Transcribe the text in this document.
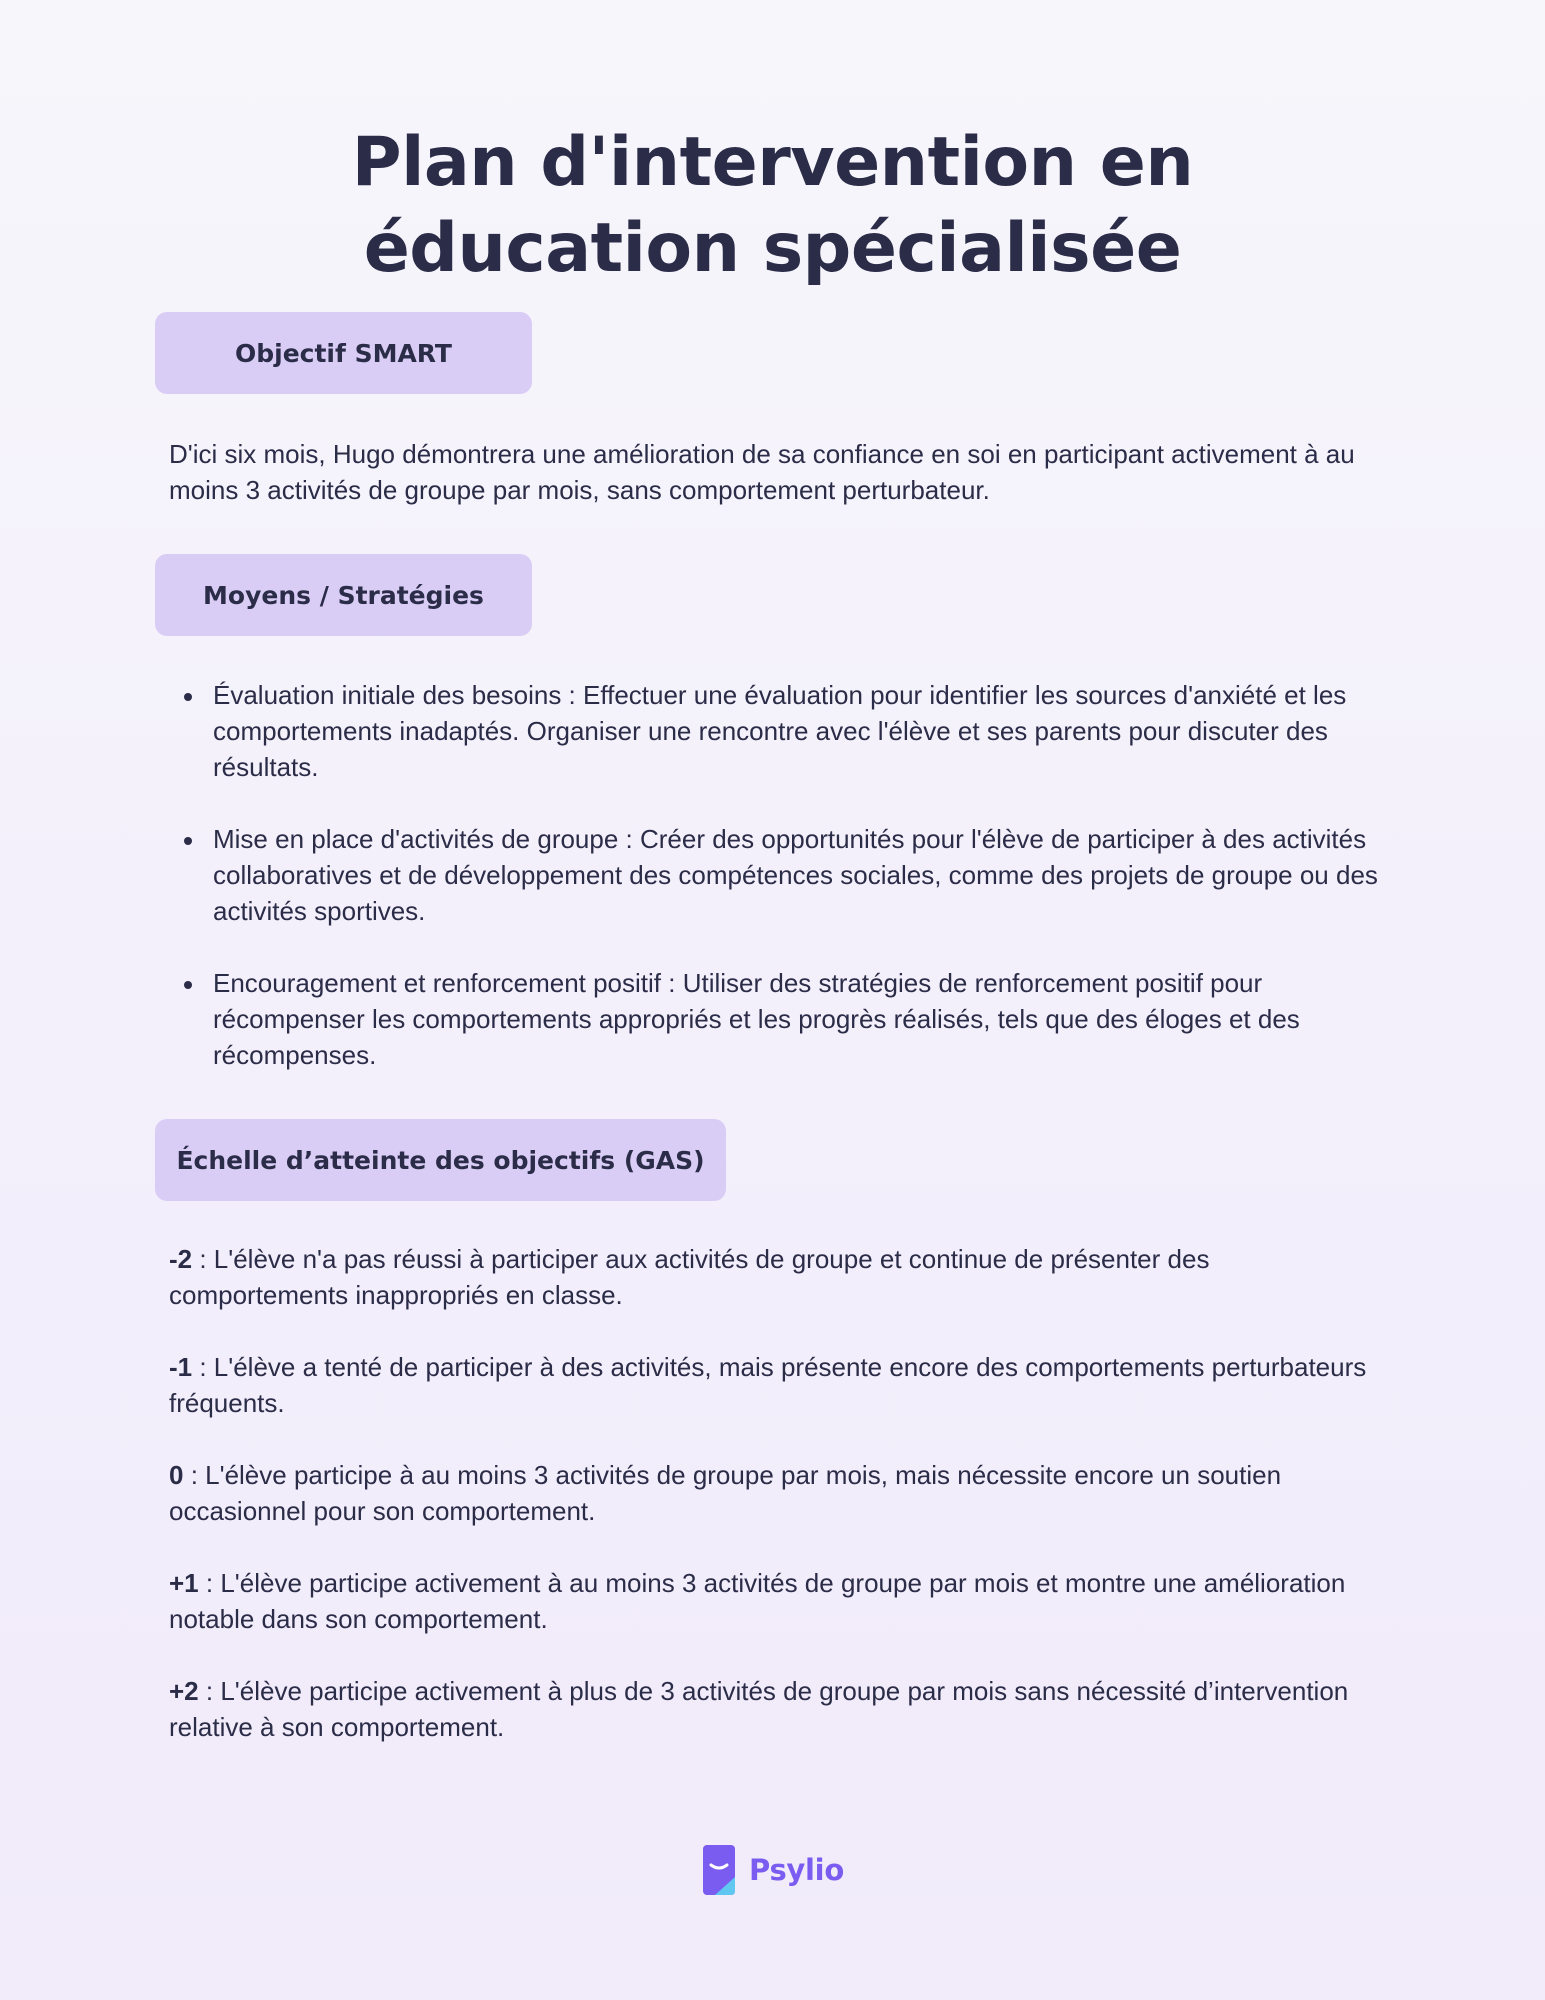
Plan d'intervention en éducation spécialisée
Objectif SMART

D'ici six mois, Hugo démontrera une amélioration de sa confiance en soi en participant activement à au moins 3 activités de groupe par mois, sans comportement perturbateur.

Moyens / Stratégies
Évaluation initiale des besoins : Effectuer une évaluation pour identifier les sources d'anxiété et les comportements inadaptés. Organiser une rencontre avec l'élève et ses parents pour discuter des résultats.
Mise en place d'activités de groupe : Créer des opportunités pour l'élève de participer à des activités collaboratives et de développement des compétences sociales, comme des projets de groupe ou des activités sportives.
Encouragement et renforcement positif : Utiliser des stratégies de renforcement positif pour récompenser les comportements appropriés et les progrès réalisés, tels que des éloges et des récompenses.
Échelle d’atteinte des objectifs (GAS)
-2 : L'élève n'a pas réussi à participer aux activités de groupe et continue de présenter des comportements inappropriés en classe.
-1 : L'élève a tenté de participer à des activités, mais présente encore des comportements perturbateurs fréquents.
0 : L'élève participe à au moins 3 activités de groupe par mois, mais nécessite encore un soutien occasionnel pour son comportement.
+1 : L'élève participe activement à au moins 3 activités de groupe par mois et montre une amélioration notable dans son comportement.
+2 : L'élève participe activement à plus de 3 activités de groupe par mois sans nécessité d’intervention relative à son comportement.
Psylio
